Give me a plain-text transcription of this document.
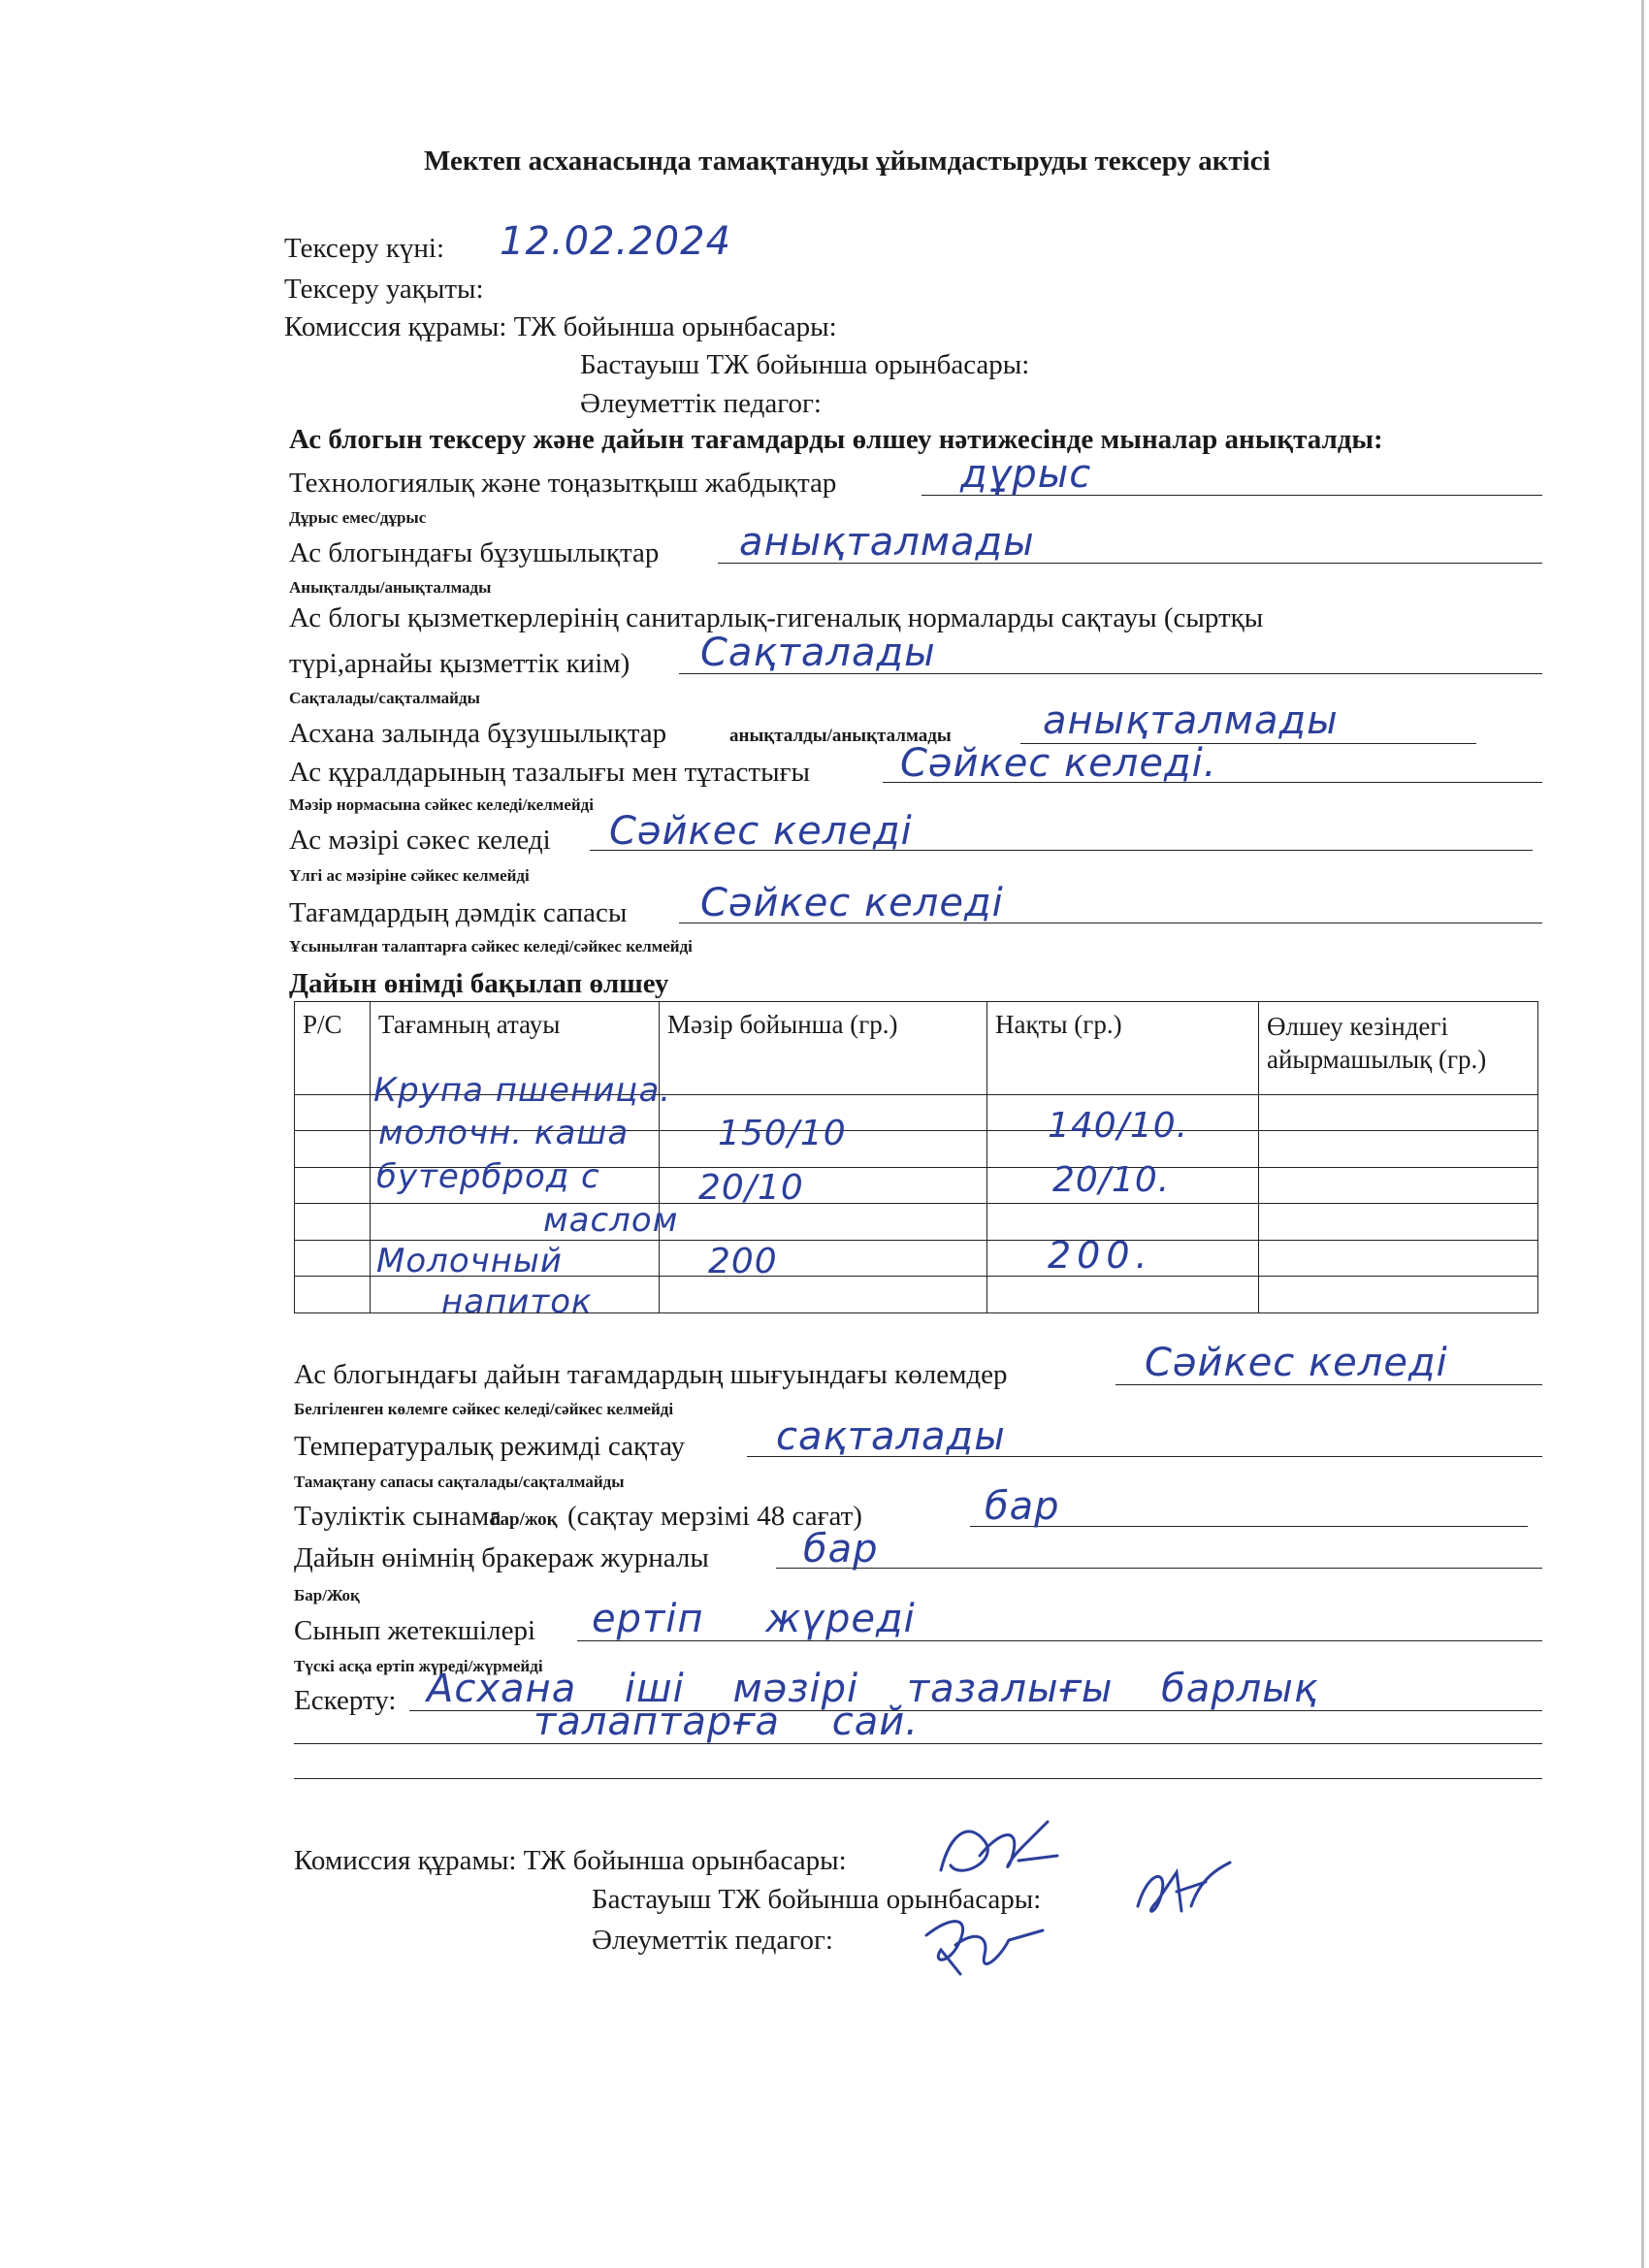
Мектеп асханасында тамақтануды ұйымдастыруды тексеру актісі
Тексеру күні: 12.02.2024
Тексеру уақыты:
Комиссия құрамы: ТЖ бойынша орынбасары:
Бастауыш ТЖ бойынша орынбасары:
Әлеуметтік педагог:
Ас блогын тексеру және дайын тағамдарды өлшеу нәтижесінде мыналар анықталды:
Технологиялық және тоңазытқыш жабдықтар	дұрыс
Дұрыс емес/дұрыс
Ас блогындағы бұзушылықтар анықталмады
Анықталды/анықталмады
Ас блогы қызметкерлерінің санитарлық-гигеналық нормаларды сақтауы (сыртқы
түрі,арнайы қызметтік киім) Сақталады
Сақталады/сақталмайды
Асхана залында бұзушылықтар	анықталды/анықталмады анықталмады
Ас құралдарының тазалығы мен тұтастығы Сәйкес келеді.
Мәзір нормасына сәйкес келеді/келмейді
Ас мәзірі сәкес келеді Сәйкес келеді
Үлгі ас мәзіріне сәйкес келмейді
Тағамдардың дәмдік сапасы Сәйкес келеді
Ұсынылған талаптарға сәйкес келеді/сәйкес келмейді
Дайын өнімді бақылап өлшеу
Р/С	Тағамның атауы	Мәзір бойынша (гр.)	Нақты (гр.)	Өлшеу кезіндегі айырмашылық (гр.)

Крупа пшеница.
молочн. каша	150/10	140/10.
бутерброд с	20/10	20/10.
маслом
Молочный	200	200.
напиток
Ас блогындағы дайын тағамдардың шығуындағы көлемдер	Сәйкес келеді
Белгіленген көлемге сәйкес келеді/сәйкес келмейді
Температуралық режимді сақтау сақталады
Тамақтану сапасы сақталады/сақталмайды
Тәуліктік сынама
бар/жоқ (сақтау мерзімі 48 сағат)	бар
Дайын өнімнің бракераж журналы бар
Бар/Жоқ
Сынып жетекшілері ертіп жүреді
Түскі асқа ертіп жүреді/жүрмейді
Ескерту: Асхана іші мәзірі тазалығы барлық
талаптарға сай.
Комиссия құрамы: ТЖ бойынша орынбасары:
Бастауыш ТЖ бойынша орынбасары:
Әлеуметтік педагог:
